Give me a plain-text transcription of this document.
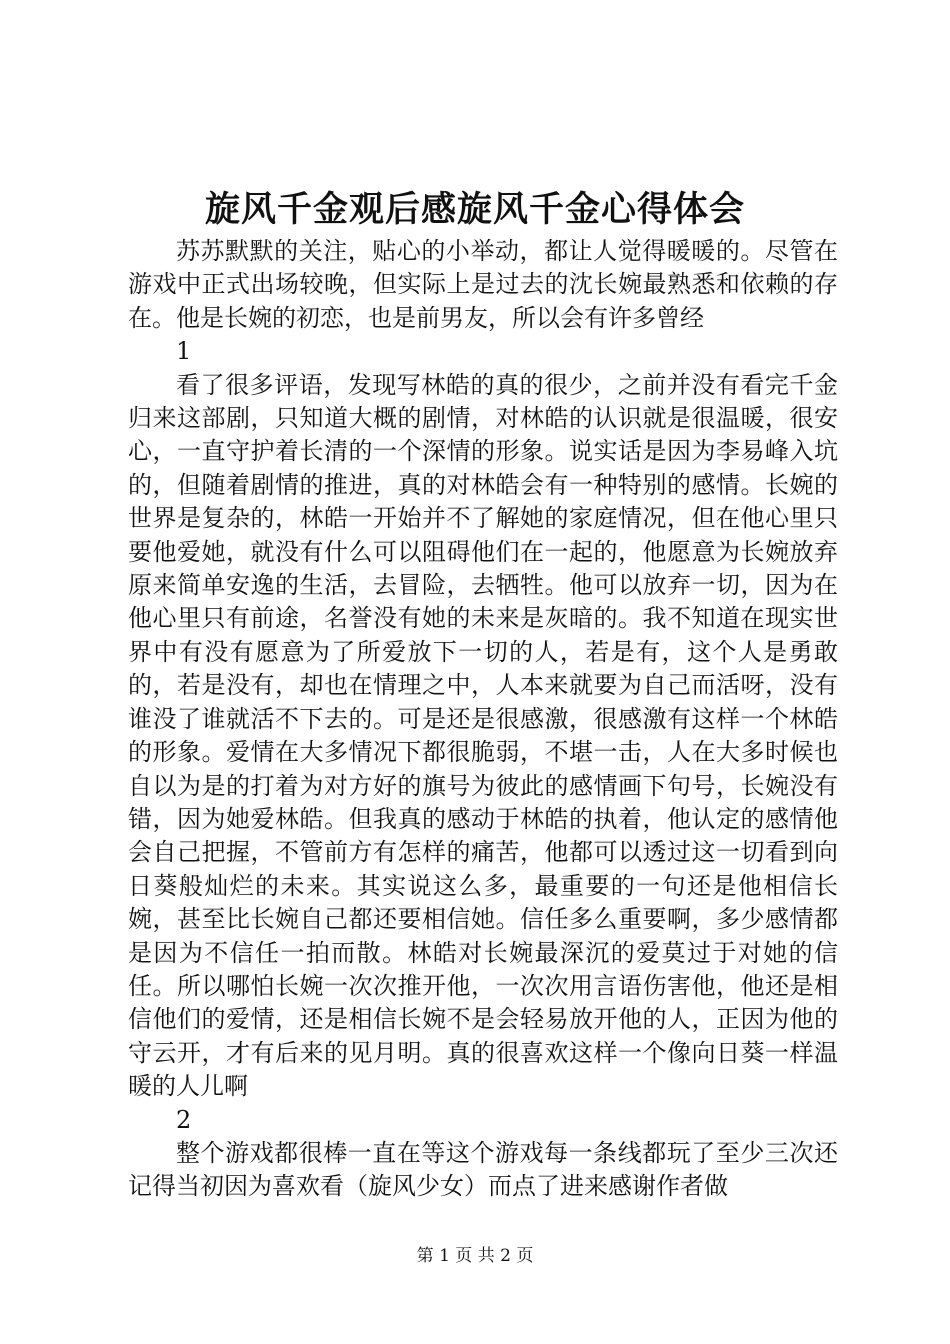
旋风千金观后感旋风千金心得体会

苏苏默默的关注，贴心的小举动，都让人觉得暖暖的。尽管在游戏中正式出场较晚，但实际上是过去的沈长婉最熟悉和依赖的存在。他是长婉的初恋，也是前男友，所以会有许多曾经

1

看了很多评语，发现写林皓的真的很少，之前并没有看完千金归来这部剧，只知道大概的剧情，对林皓的认识就是很温暖，很安心，一直守护着长清的一个深情的形象。说实话是因为李易峰入坑的，但随着剧情的推进，真的对林皓会有一种特别的感情。长婉的世界是复杂的，林皓一开始并不了解她的家庭情况，但在他心里只要他爱她，就没有什么可以阻碍他们在一起的，他愿意为长婉放弃原来简单安逸的生活，去冒险，去牺牲。他可以放弃一切，因为在他心里只有前途，名誉没有她的未来是灰暗的。我不知道在现实世界中有没有愿意为了所爱放下一切的人，若是有，这个人是勇敢的，若是没有，却也在情理之中，人本来就要为自己而活呀，没有谁没了谁就活不下去的。可是还是很感激，很感激有这样一个林皓的形象。爱情在大多情况下都很脆弱，不堪一击，人在大多时候也自以为是的打着为对方好的旗号为彼此的感情画下句号，长婉没有错，因为她爱林皓。但我真的感动于林皓的执着，他认定的感情他会自己把握，不管前方有怎样的痛苦，他都可以透过这一切看到向日葵般灿烂的未来。其实说这么多，最重要的一句还是他相信长婉，甚至比长婉自己都还要相信她。信任多么重要啊，多少感情都是因为不信任一拍而散。林皓对长婉最深沉的爱莫过于对她的信任。所以哪怕长婉一次次推开他，一次次用言语伤害他，他还是相信他们的爱情，还是相信长婉不是会轻易放开他的人，正因为他的守云开，才有后来的见月明。真的很喜欢这样一个像向日葵一样温暖的人儿啊

2

整个游戏都很棒一直在等这个游戏每一条线都玩了至少三次还记得当初因为喜欢看（旋风少女）而点了进来感谢作者做

第 1 页 共 2 页
